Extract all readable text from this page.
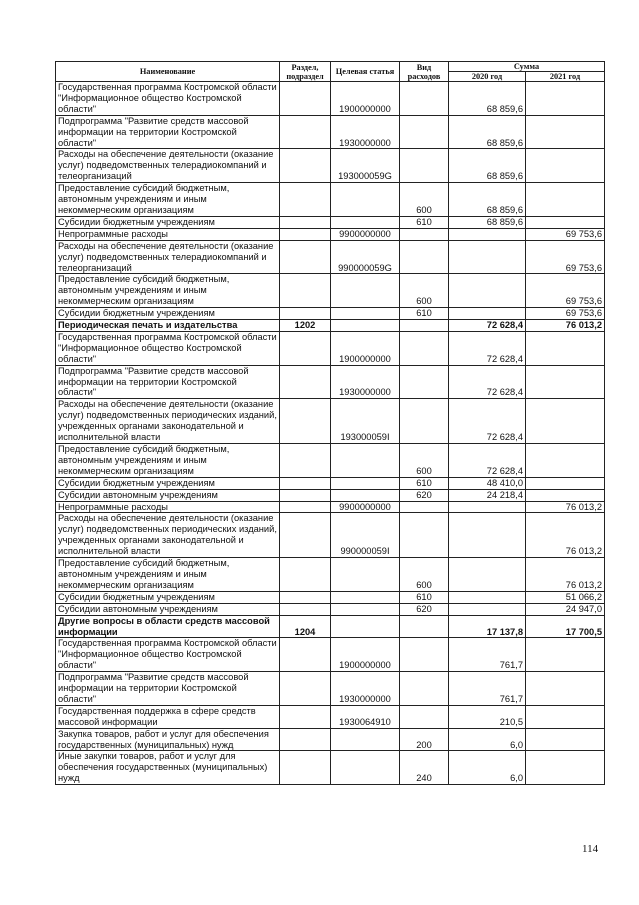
Наименование	Раздел, подраздел	Целевая статья	Вид расходов	Сумма	
				2020 год	2021 год
Государственная программа Костромской области "Информационное общество Костромской области"		1900000000		68 859,6	
Подпрограмма "Развитие средств массовой информации на территории Костромской области"		1930000000		68 859,6	
Расходы на обеспечение деятельности (оказание услуг) подведомственных телерадиокомпаний и телеорганизаций		193000059G		68 859,6	
Предоставление субсидий бюджетным, автономным учреждениям и иным некоммерческим организациям			600	68 859,6	
Субсидии бюджетным учреждениям			610	68 859,6	
Непрограммные расходы		9900000000			69 753,6
Расходы на обеспечение деятельности (оказание услуг) подведомственных телерадиокомпаний и телеорганизаций		990000059G			69 753,6
Предоставление субсидий бюджетным, автономным учреждениям и иным некоммерческим организациям			600		69 753,6
Субсидии бюджетным учреждениям			610		69 753,6
Периодическая печать и издательства	1202			72 628,4	76 013,2
Государственная программа Костромской области "Информационное общество Костромской области"		1900000000		72 628,4	
Подпрограмма "Развитие средств массовой информации на территории Костромской области"		1930000000		72 628,4	
Расходы на обеспечение деятельности (оказание услуг) подведомственных периодических изданий, учрежденных органами законодательной и исполнительной власти		193000059I		72 628,4	
Предоставление субсидий бюджетным, автономным учреждениям и иным некоммерческим организациям			600	72 628,4	
Субсидии бюджетным учреждениям			610	48 410,0	
Субсидии автономным учреждениям			620	24 218,4	
Непрограммные расходы		9900000000			76 013,2
Расходы на обеспечение деятельности (оказание услуг) подведомственных периодических изданий, учрежденных органами законодательной и исполнительной власти		990000059I			76 013,2
Предоставление субсидий бюджетным, автономным учреждениям и иным некоммерческим организациям			600		76 013,2
Субсидии бюджетным учреждениям			610		51 066,2
Субсидии автономным учреждениям			620		24 947,0
Другие вопросы в области средств массовой информации	1204			17 137,8	17 700,5
Государственная программа Костромской области "Информационное общество Костромской области"		1900000000		761,7	
Подпрограмма "Развитие средств массовой информации на территории Костромской области"		1930000000		761,7	
Государственная поддержка в сфере средств массовой информации		1930064910		210,5	
Закупка товаров, работ и услуг для обеспечения государственных (муниципальных) нужд			200	6,0	
Иные закупки товаров, работ и услуг для обеспечения государственных (муниципальных) нужд			240	6,0	
114
